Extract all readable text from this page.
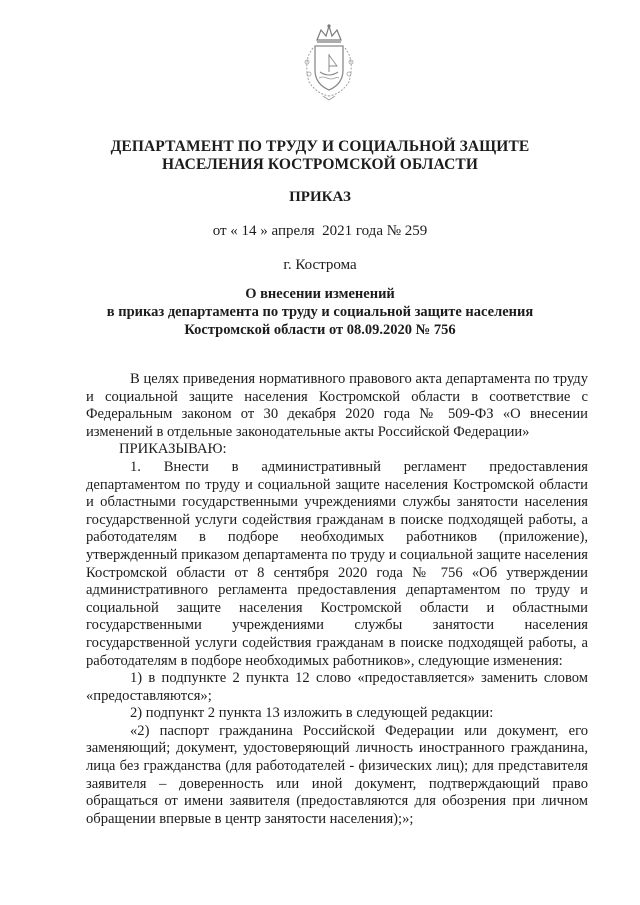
ДЕПАРТАМЕНТ ПО ТРУДУ И СОЦИАЛЬНОЙ ЗАЩИТЕ
НАСЕЛЕНИЯ КОСТРОМСКОЙ ОБЛАСТИ
ПРИКАЗ
от « 14 » апреля  2021 года № 259
г. Кострома
О внесении изменений
в приказ департамента по труду и социальной защите населения
Костромской области от 08.09.2020 № 756

В целях приведения нормативного правового акта департамента по труду и социальной защите населения Костромской области в соответствие с Федеральным законом от 30 декабря 2020 года № 509-ФЗ «О внесении изменений в отдельные законодательные акты Российской Федерации»

ПРИКАЗЫВАЮ:

1. Внести в административный регламент предоставления департаментом по труду и социальной защите населения Костромской области и областными государственными учреждениями службы занятости населения государственной услуги содействия гражданам в поиске подходящей работы, а работодателям в подборе необходимых работников (приложение), утвержденный приказом департамента по труду и социальной защите населения Костромской области от 8 сентября 2020 года № 756 «Об утверждении административного регламента предоставления департаментом по труду и социальной защите населения Костромской области и областными государственными учреждениями службы занятости населения государственной услуги содействия гражданам в поиске подходящей работы, а работодателям в подборе необходимых работников», следующие изменения:

1) в подпункте 2 пункта 12 слово «предоставляется» заменить словом «предоставляются»;

2) подпункт 2 пункта 13 изложить в следующей редакции:

«2) паспорт гражданина Российской Федерации или документ, его заменяющий; документ, удостоверяющий личность иностранного гражданина, лица без гражданства (для работодателей - физических лиц); для представителя заявителя – доверенность или иной документ, подтверждающий право обращаться от имени заявителя (предоставляются для обозрения при личном обращении впервые в центр занятости населения);»;
